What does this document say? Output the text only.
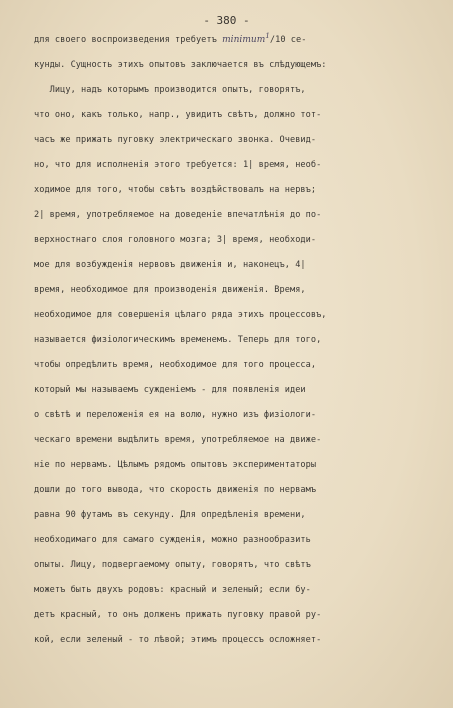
- 380 -
для своего воспроизведения требуетъ minimum$^1$/10 се-
кунды. Сущность этихъ опытовъ заключается въ слѣдующемъ:
Лицу, надъ которымъ производится опытъ, говорятъ,
что оно, какъ только, напр., увидитъ свѣтъ, должно тот-
часъ же прижать пуговку электрическаго звонка. Очевид-
но, что для исполненія этого требуется: 1| время, необ-
ходимое для того, чтобы свѣтъ воздѣйствовалъ на нервъ;
2| время, употребляемое на доведеніе впечатлѣнія до по-
верхностнаго слоя головного мозга; 3| время, необходи-
мое для возбужденія нервовъ движенія и, наконецъ, 4|
время, необходимое для производенія движенія. Время,
необходимое для совершенія цѣлаго ряда этихъ процессовъ,
называется физіологическимъ временемъ. Теперь для того,
чтобы опредѣлить время, необходимое для того процесса,
который мы называемъ сужденіемъ - для появленія идеи
о свѣтѣ и переложенія ея на волю, нужно изъ физіологи-
ческаго времени выдѣлить время, употребляемое на движе-
ніе по нервамъ. Цѣлымъ рядомъ опытовъ экспериментаторы
дошли до того вывода, что скорость движенія по нервамъ
равна 90 футамъ въ секунду. Для опредѣленія времени,
необходимаго для самаго сужденія, можно разнообразить
опыты. Лицу, подвергаемому опыту, говорятъ, что свѣтъ
можетъ быть двухъ родовъ: красный и зеленый; если бу-
детъ красный, то онъ долженъ прижать пуговку правой ру-
кой, если зеленый - то лѣвой; этимъ процессъ осложняет-
